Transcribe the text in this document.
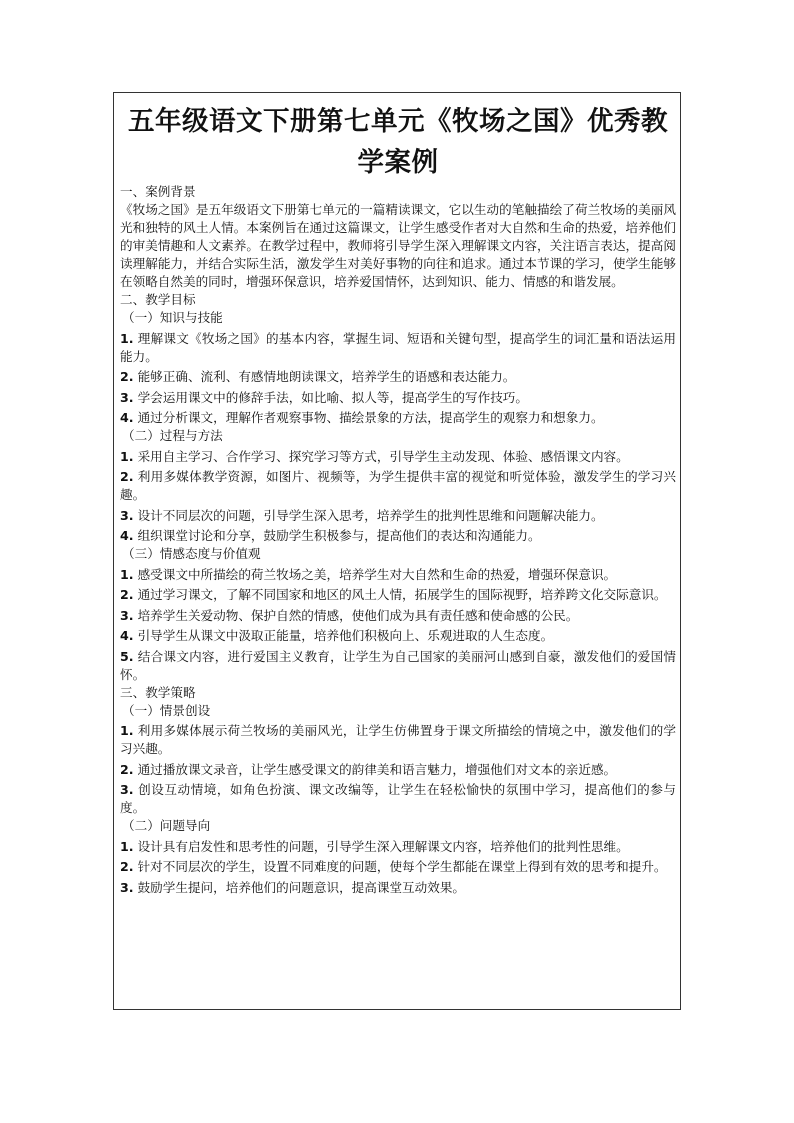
五年级语文下册第七单元《牧场之国》优秀教学案例
一、案例背景
《牧场之国》是五年级语文下册第七单元的一篇精读课文，它以生动的笔触描绘了荷兰牧场的美丽风光和独特的风土人情。本案例旨在通过这篇课文，让学生感受作者对大自然和生命的热爱，培养他们的审美情趣和人文素养。在教学过程中，教师将引导学生深入理解课文内容，关注语言表达，提高阅读理解能力，并结合实际生活，激发学生对美好事物的向往和追求。通过本节课的学习，使学生能够在领略自然美的同时，增强环保意识，培养爱国情怀，达到知识、能力、情感的和谐发展。
二、教学目标
（一）知识与技能
1. 理解课文《牧场之国》的基本内容，掌握生词、短语和关键句型，提高学生的词汇量和语法运用能力。
2. 能够正确、流利、有感情地朗读课文，培养学生的语感和表达能力。
3. 学会运用课文中的修辞手法，如比喻、拟人等，提高学生的写作技巧。
4. 通过分析课文，理解作者观察事物、描绘景象的方法，提高学生的观察力和想象力。
（二）过程与方法
1. 采用自主学习、合作学习、探究学习等方式，引导学生主动发现、体验、感悟课文内容。
2. 利用多媒体教学资源，如图片、视频等，为学生提供丰富的视觉和听觉体验，激发学生的学习兴趣。
3. 设计不同层次的问题，引导学生深入思考，培养学生的批判性思维和问题解决能力。
4. 组织课堂讨论和分享，鼓励学生积极参与，提高他们的表达和沟通能力。
（三）情感态度与价值观
1. 感受课文中所描绘的荷兰牧场之美，培养学生对大自然和生命的热爱，增强环保意识。
2. 通过学习课文，了解不同国家和地区的风土人情，拓展学生的国际视野，培养跨文化交际意识。
3. 培养学生关爱动物、保护自然的情感，使他们成为具有责任感和使命感的公民。
4. 引导学生从课文中汲取正能量，培养他们积极向上、乐观进取的人生态度。
5. 结合课文内容，进行爱国主义教育，让学生为自己国家的美丽河山感到自豪，激发他们的爱国情怀。
三、教学策略
（一）情景创设
1. 利用多媒体展示荷兰牧场的美丽风光，让学生仿佛置身于课文所描绘的情境之中，激发他们的学习兴趣。
2. 通过播放课文录音，让学生感受课文的韵律美和语言魅力，增强他们对文本的亲近感。
3. 创设互动情境，如角色扮演、课文改编等，让学生在轻松愉快的氛围中学习，提高他们的参与度。
（二）问题导向
1. 设计具有启发性和思考性的问题，引导学生深入理解课文内容，培养他们的批判性思维。
2. 针对不同层次的学生，设置不同难度的问题，使每个学生都能在课堂上得到有效的思考和提升。
3. 鼓励学生提问，培养他们的问题意识，提高课堂互动效果。
